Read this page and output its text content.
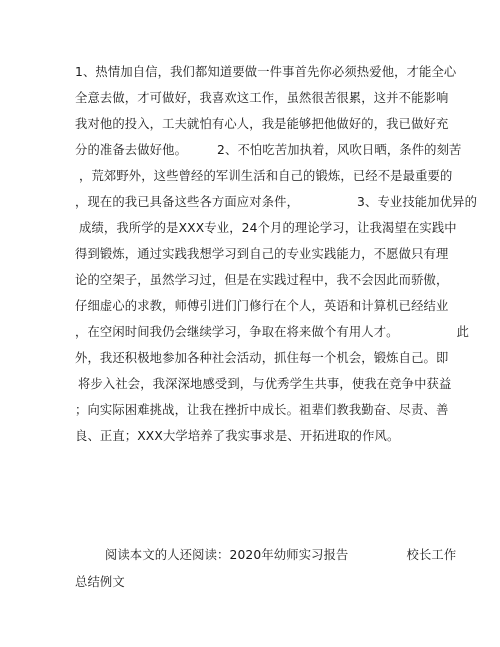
1、热情加自信，我们都知道要做一件事首先你必须热爱他，才能全心
全意去做，才可做好，我喜欢这工作，虽然很苦很累，这并不能影响
我对他的投入，工夫就怕有心人，我是能够把他做好的，我已做好充
分的准备去做好他。 2、不怕吃苦加执着，风吹日晒，条件的刻苦
，荒郊野外，这些曾经的军训生活和自己的锻炼，已经不是最重要的
，现在的我已具备这些各方面应对条件，	3、专业技能加优异的
成绩，我所学的是XXX专业，24个月的理论学习，让我渴望在实践中
得到锻炼，通过实践我想学习到自己的专业实践能力，不愿做只有理
论的空架子，虽然学习过，但是在实践过程中，我不会因此而骄傲，
仔细虚心的求教，师傅引进们门修行在个人，英语和计算机已经结业
，在空闲时间我仍会继续学习，争取在将来做个有用人才。	此
外，我还积极地参加各种社会活动，抓住每一个机会，锻炼自己。即
将步入社会，我深深地感受到，与优秀学生共事，使我在竞争中获益
；向实际困难挑战，让我在挫折中成长。祖辈们教我勤奋、尽责、善
良、正直；XXX大学培养了我实事求是、开拓进取的作风。
阅读本文的人还阅读：2020年幼师实习报告	校长工作
总结例文
